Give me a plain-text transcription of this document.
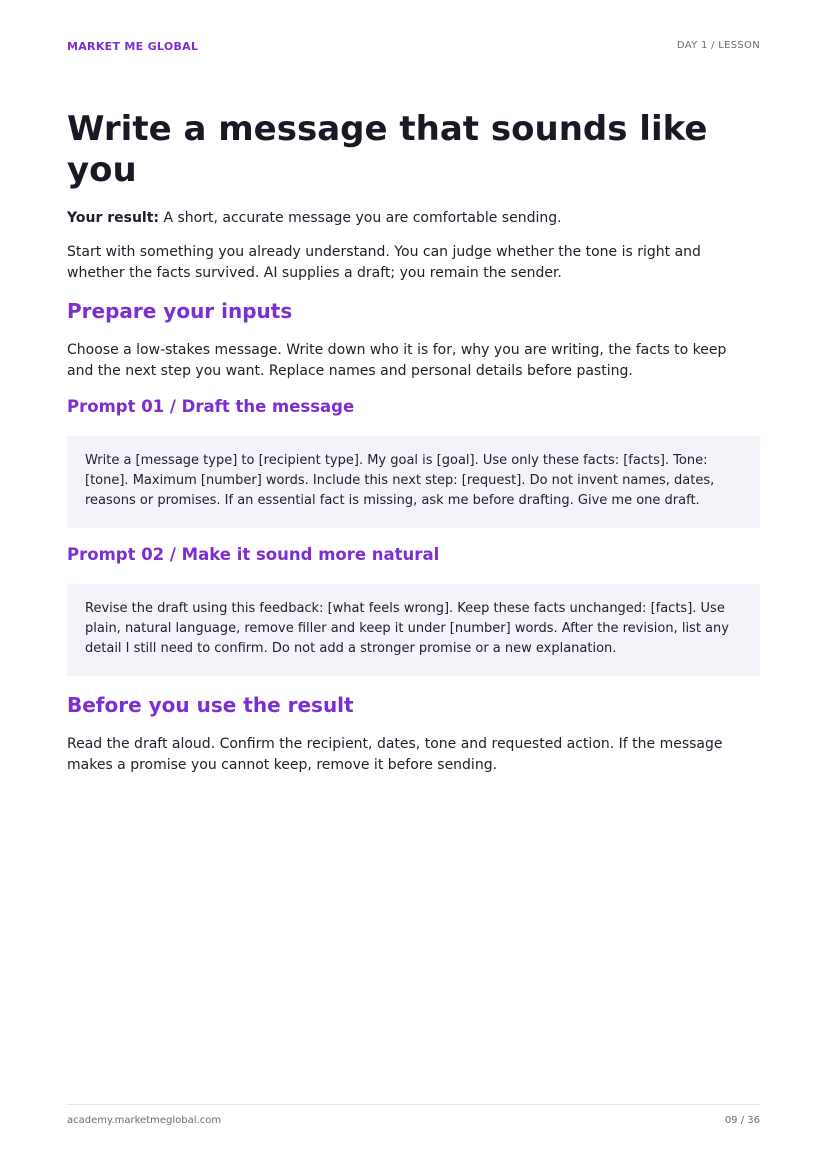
MARKET ME GLOBAL	DAY 1 / LESSON
Write a message that sounds like you

Your result: A short, accurate message you are comfortable sending.

Start with something you already understand. You can judge whether the tone is right and whether the facts survived. AI supplies a draft; you remain the sender.

Prepare your inputs

Choose a low-stakes message. Write down who it is for, why you are writing, the facts to keep and the next step you want. Replace names and personal details before pasting.

Prompt 01 / Draft the message

Write a [message type] to [recipient type]. My goal is [goal]. Use only these facts: [facts]. Tone: [tone]. Maximum [number] words. Include this next step: [request]. Do not invent names, dates, reasons or promises. If an essential fact is missing, ask me before drafting. Give me one draft.

Prompt 02 / Make it sound more natural

Revise the draft using this feedback: [what feels wrong]. Keep these facts unchanged: [facts]. Use plain, natural language, remove filler and keep it under [number] words. After the revision, list any detail I still need to confirm. Do not add a stronger promise or a new explanation.

Before you use the result

Read the draft aloud. Confirm the recipient, dates, tone and requested action. If the message makes a promise you cannot keep, remove it before sending.

academy.marketmeglobal.com	09 / 36
